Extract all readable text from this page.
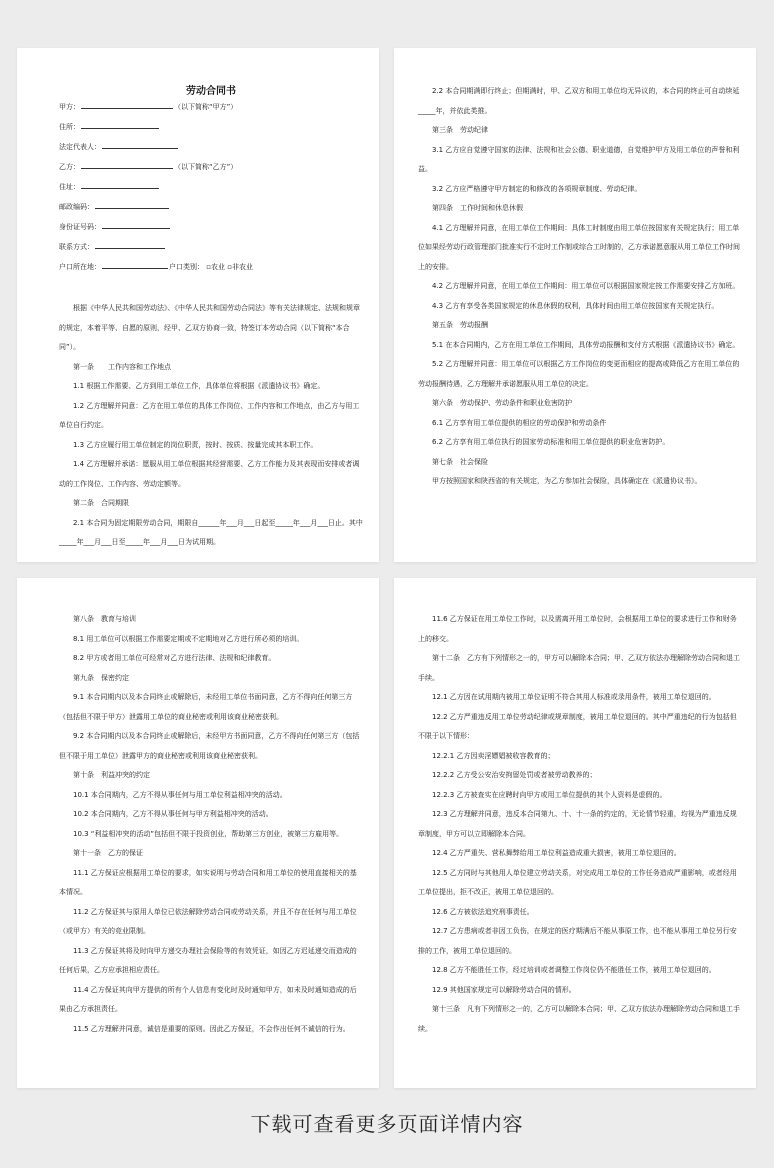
劳动合同书
甲方：	（以下简称“甲方”）
住所：
法定代表人：
乙方：	（以下简称“乙方”）
住址：
邮政编码：
身份证号码：
联系方式：
户口所在地：	户口类别： ▫农业 ▫非农业

根据《中华人民共和国劳动法》、《中华人民共和国劳动合同法》等有关法律规定、法规和规章的规定，本着平等、自愿的原则，经甲、乙双方协商一致，特签订本劳动合同（以下简称“本合同”）。

第一条　　工作内容和工作地点

1.1 根据工作需要、乙方到用工单位工作，具体单位将根据《派遣协议书》确定。

1.2 乙方理解并同意：乙方在用工单位的具体工作岗位、工作内容和工作地点，由乙方与用工单位自行约定。

1.3 乙方应履行用工单位制定的岗位职责，按时、按质、按量完成其本职工作。

1.4 乙方理解并承诺：愿服从用工单位根据其经营需要、乙方工作能力及其表现而安排或者调动的工作岗位、工作内容、劳动定额等。

第二条　合同期限

2.1 本合同为固定期限劳动合同，期限自______年___月___日起至_____年___月___日止。其中_____年___月___日至_____年___月___日为试用期。

2.2 本合同期满即行终止；但期满时，甲、乙双方和用工单位均无异议的，本合同的终止可自动续延_____年，并依此类推。

第三条　劳动纪律

3.1 乙方应自觉遵守国家的法律、法规和社会公德、职业道德，自觉维护甲方及用工单位的声誉和利益。

3.2 乙方应严格遵守甲方制定的和修改的各项规章制度、劳动纪律。

第四条　工作时间和休息休假

4.1 乙方理解并同意，在用工单位工作期间：具体工时制度由用工单位按国家有关规定执行；用工单位如果经劳动行政管理部门批准实行不定时工作制或综合工时制的，乙方承诺愿意服从用工单位工作时间上的安排。

4.2 乙方理解并同意，在用工单位工作期间：用工单位可以根据国家规定按工作需要安排乙方加班。

4.3 乙方有享受各类国家规定的休息休假的权利，具体时间由用工单位按国家有关规定执行。

第五条　劳动报酬

5.1 在本合同期内，乙方在用工单位工作期间，具体劳动报酬和支付方式根据《派遣协议书》确定。

5.2 乙方理解并同意：用工单位可以根据乙方工作岗位的变更而相应的提高或降低乙方在用工单位的劳动报酬待遇，乙方理解并承诺愿服从用工单位的决定。

第六条　劳动保护、劳动条件和职业危害防护

6.1 乙方享有用工单位提供的相应的劳动保护和劳动条件

6.2 乙方享有用工单位执行的国家劳动标准和用工单位提供的职业危害防护。

第七条　社会保险

甲方按照国家和陕西省的有关规定，为乙方参加社会保险，具体确定在《派遣协议书》。

第八条　教育与培训

8.1 用工单位可以根据工作需要定期或不定期地对乙方进行所必须的培训。

8.2 甲方或者用工单位可经常对乙方进行法律、法规和纪律教育。

第九条　保密约定

9.1 本合同期内以及本合同终止或解除后，未经用工单位书面同意，乙方不得向任何第三方（包括但不限于甲方）泄露用工单位的商业秘密或利用该商业秘密获利。

9.2 本合同期内以及本合同终止或解除后，未经甲方书面同意，乙方不得向任何第三方（包括但不限于用工单位）泄露甲方的商业秘密或利用该商业秘密获利。

第十条　利益冲突的约定

10.1 本合同期内，乙方不得从事任何与用工单位利益相冲突的活动。

10.2 本合同期内，乙方不得从事任何与甲方利益相冲突的活动。

10.3 “利益相冲突的活动”包括但不限于投资创业，帮助第三方创业，被第三方雇用等。

第十一条　乙方的保证

11.1 乙方保证应根据用工单位的要求，如实说明与劳动合同和用工单位的使用直接相关的基本情况。

11.2 乙方保证其与原用人单位已依法解除劳动合同或劳动关系，并且不存在任何与用工单位（或甲方）有关的竞业限制。

11.3 乙方保证其将及时向甲方递交办理社会保险等的有效凭证，如因乙方迟延递交而造成的任何后果，乙方应承担相应责任。

11.4 乙方保证其向甲方提供的所有个人信息有变化时及时通知甲方，如未及时通知造成的后果由乙方承担责任。

11.5 乙方理解并同意，诚信是重要的原则。因此乙方保证，不会作出任何不诚信的行为。

11.6 乙方保证在用工单位工作时，以及需离开用工单位时，会根据用工单位的要求进行工作和财务上的移交。

第十二条　乙方有下列情形之一的，甲方可以解除本合同；甲、乙双方依法办理解除劳动合同和退工手续。

12.1 乙方因在试用期内被用工单位证明不符合其用人标准或录用条件，被用工单位退回的。

12.2 乙方严重违反用工单位劳动纪律或规章制度，被用工单位退回的。其中严重违纪的行为包括但不限于以下情形：

12.2.1 乙方因卖淫嫖娼被收容教育的；

12.2.2 乙方受公安治安拘留处罚或者被劳动教养的；

12.2.3 乙方被查实在应聘时向甲方或用工单位提供的其个人资料是虚假的。

12.3 乙方理解并同意，违反本合同第九、十、十一条的约定的，无论情节轻重，均视为严重违反规章制度，甲方可以立即解除本合同。

12.4 乙方严重失、营私舞弊给用工单位利益造成重大损害，被用工单位退回的。

12.5 乙方同时与其他用人单位建立劳动关系，对完成用工单位的工作任务造成严重影响，或者经用工单位提出，拒不改正，被用工单位退回的。

12.6 乙方被依法追究刑事责任。

12.7 乙方患病或者非因工负伤，在规定的医疗期满后不能从事原工作，也不能从事用工单位另行安排的工作，被用工单位退回的。

12.8 乙方不能胜任工作，经过培训或者调整工作岗位仍不能胜任工作，被用工单位退回的。

12.9 其他国家规定可以解除劳动合同的情形。

第十三条　凡有下列情形之一的，乙方可以解除本合同；甲、乙双方依法办理解除劳动合同和退工手续。

下载可查看更多页面详情内容
